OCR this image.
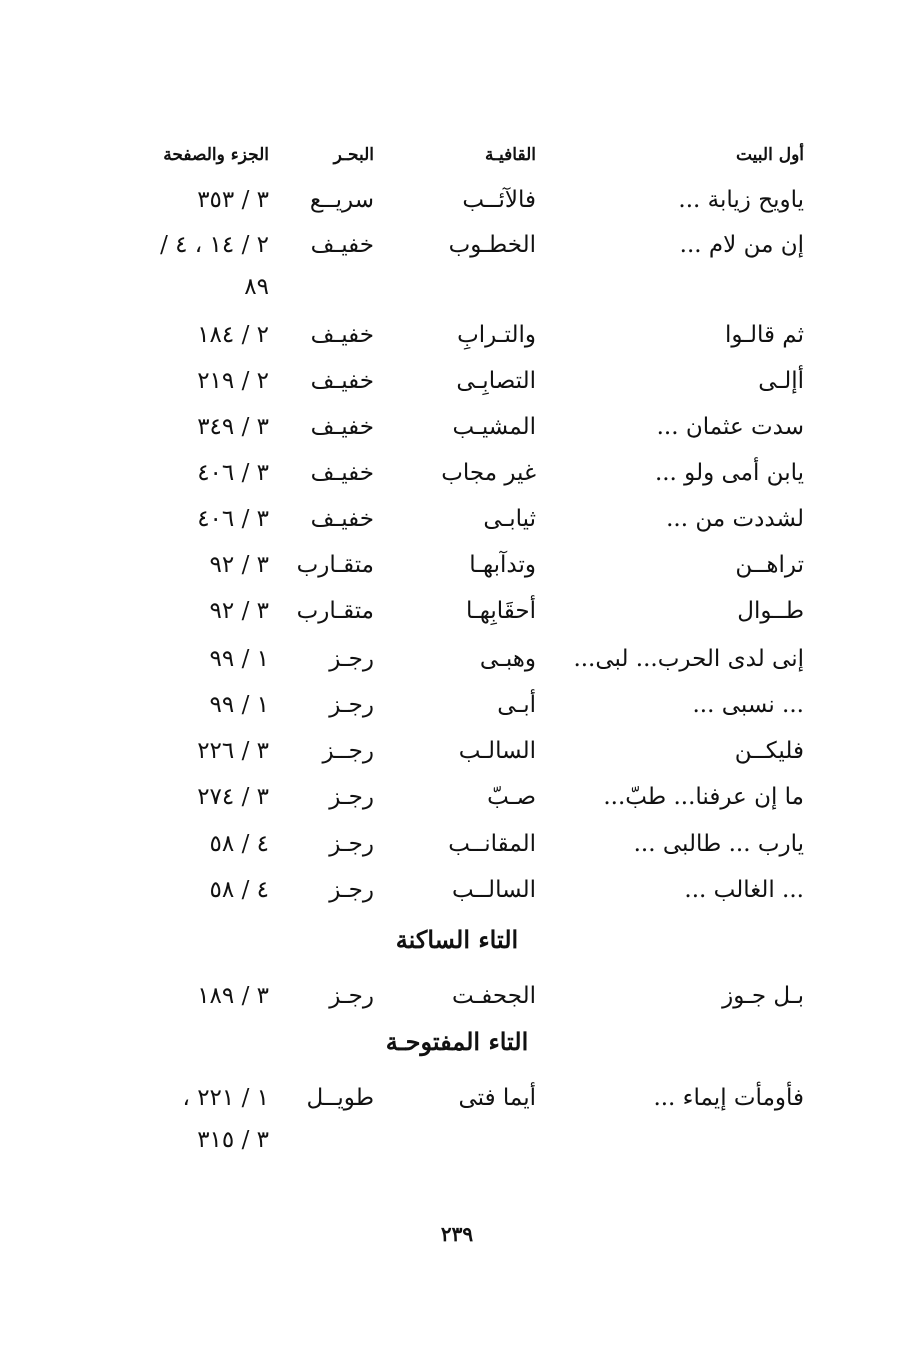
أول البيت
القافيـة
البحـر
الجزء والصفحة
ياويح زيابة ...
فالآئــب
سريــع
٣ / ٣٥٣
إن من لام ...
الخطـوب
خفيـف
٢ / ١٤ ، ٤ /
٨٩
ثم قالـوا
والتـرابِ
خفيـف
٢ / ١٨٤
أإلـى
التصابِـى
خفيـف
٢ / ٢١٩
سدت عثمان ...
المشيـب
خفيـف
٣ / ٣٤٩
يابن أمى ولو ...
غير مجاب
خفيـف
٣ / ٤٠٦
لشددت من ...
ثيابـى
خفيـف
٣ / ٤٠٦
تراهــن
وتدآبهـا
متقـارب
٣ / ٩٢
طــوال
أحقَابِهـا
متقـارب
٣ / ٩٢
إنى لدى الحرب... لبى...
وهبـى
رجـز
١ / ٩٩
... نسبى ...
أبـى
رجـز
١ / ٩٩
فليكــن
السالـب
رجــز
٣ / ٢٢٦
ما إن عرفنا... طبّ...
صـبّ
رجـز
٣ / ٢٧٤
يارب ... طالبى ...
المقانــب
رجـز
٤ / ٥٨
... الغالب ...
السالــب
رجـز
٤ / ٥٨
التاء الساكنة
بـل جـوز
الجحفـت
رجـز
٣ / ١٨٩
التاء المفتوحـة
فأومأت إيماء ...
أيما فتى
طويــل
١ / ٢٢١ ،
٣ / ٣١٥
٢٣٩
